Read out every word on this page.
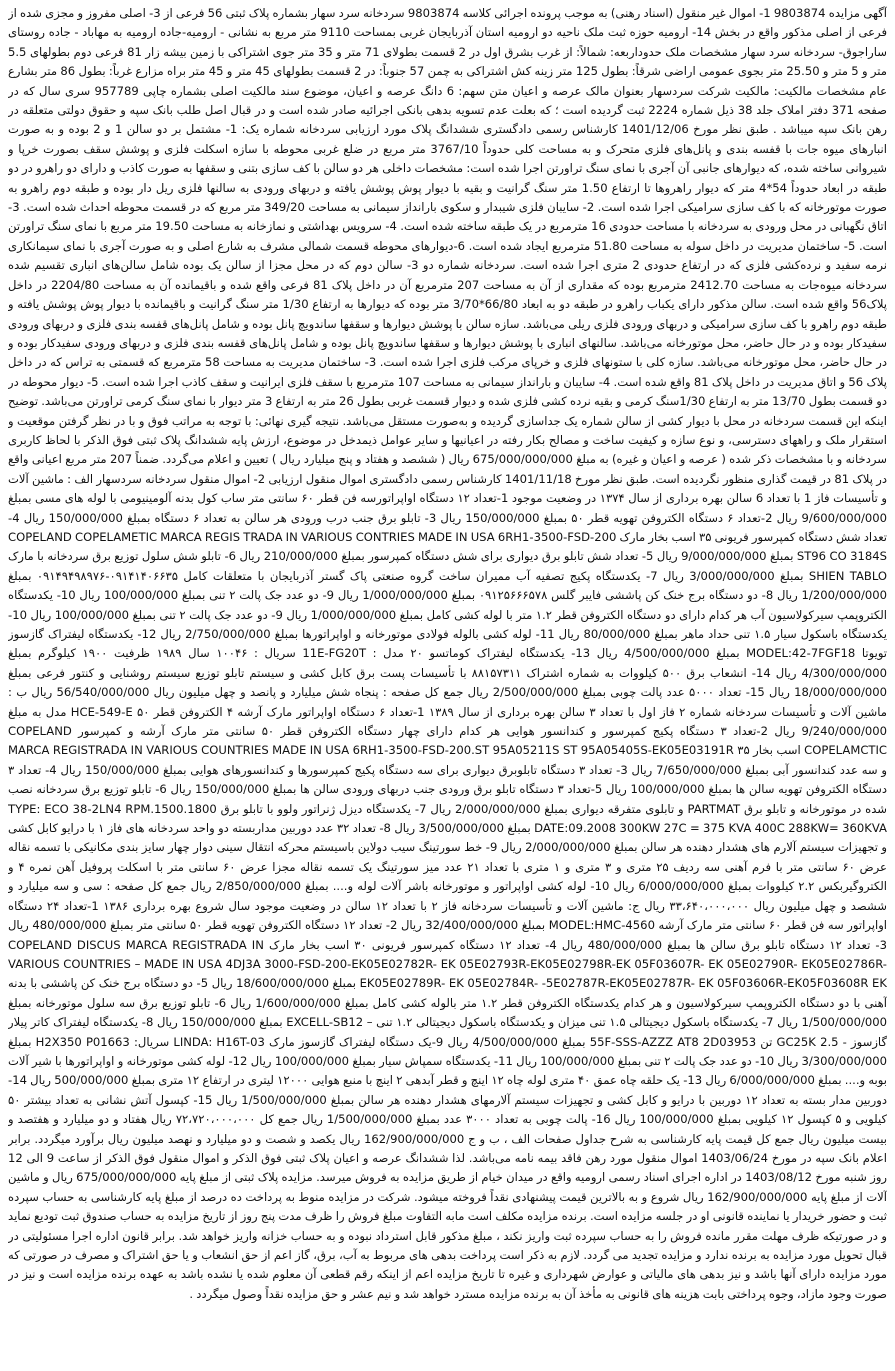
آگهی مزایده 9803874 1- اموال غیر منقول (اسناد رهنی) به موجب پرونده اجرائی کلاسه 9803874 سردخانه سرد سهار بشماره پلاک ثبتی 56 فرعی از 3- اصلی مفروز و مجزی شده از فرعی از اصلی مذکور واقع در بخش 14- ارومیه حوزه ثبت ملک ناحیه دو ارومیه استان آذربایجان غربی بمساحت 9110 متر مربع به نشانی - ارومیه-جاده ارومیه به مهاباد - جاده روستای ساراجوق- سردخانه سرد سهار مشخصات ملک حدوداربعه: شمالاً: از غرب بشرق اول در 2 قسمت بطولای 71 متر و 35 متر جوی اشتراکی با زمین بیشه زار 81 فرعی دوم بطولهای 5.5 متر و 5 متر و 25.50 متر بجوی عمومی اراضی شرقاً: بطول 125 متر زینه کش اشتراکی به چمن 57 جنوباً: در 2 قسمت بطولهای 45 متر و 45 متر براه مزارع غرباً: بطول 86 متر بشارع عام مشخصات مالکیت: مالکیت شرکت سردسهار بعنوان مالک عرصه و اعیان متن سهم: 6 دانگ عرصه و اعیان، موضوع سند مالکیت اصلی بشماره چاپی 957789 سری سال که در صفحه 371 دفتر املاک جلد 38 ذیل شماره 2224 ثبت گردیده است ؛ که بعلت عدم تسویه بدهی بانکی اجرائیه صادر شده است و در قبال اصل طلب بانک سپه و حقوق دولتی متعلقه در رهن بانک سپه میباشد . طبق نظر مورخ 1401/12/06 کارشناس رسمی دادگستری ششدانگ پلاک مورد ارزیابی سردخانه شماره یک: 1- مشتمل بر دو سالن 1 و 2 بوده و به صورت انبارهای میوه جات با قفسه بندی و پانل‌های فلزی متحرک و به مساحت کلی حدوداً 3767/10 متر مربع در ضلع غربی محوطه با سازه اسکلت فلزی و پوشش سقف بصورت خرپا و شیروانی ساخته شده، که دیوارهای جانبی آن آجری با نمای سنگ تراورتن اجرا شده است: مشخصات داخلی هر دو سالن با کف سازی بتنی و سقفها به صورت کاذب و دارای دو راهرو در دو طبقه در ابعاد حدوداً 54*4 متر که دیوار راهروها تا ارتفاع 1.50 متر سنگ گرانیت و بقیه با دیوار پوش پوشش یافته و دربهای ورودی به سالنها فلزی ریل دار بوده و طبقه دوم راهرو به صورت موتورخانه که با کف سازی سرامیکی اجرا شده است. 2- سایبان فلزی شیبدار و سکوی بارانداز سیمانی به مساحت 349/20 متر مربع که در قسمت محوطه احداث شده است. 3- اتاق نگهبانی در محل ورودی به سردخانه با مساحت حدودی 16 مترمربع در یک طبقه ساخته شده است. 4- سرویس بهداشتی و نمازخانه به مساحت 19.50 متر مربع با نمای سنگ تراورتن است. 5- ساختمان مدیریت در داخل سوله به مساحت 51.80 مترمربع ایجاد شده است. 6-دیوارهای محوطه قسمت شمالی مشرف به شارع اصلی و به صورت آجری با نمای سیمانکاری نرمه سفید و نرده‌کشی فلزی که در ارتفاع حدودی 2 متری اجرا شده است. سردخانه شماره دو 3- سالن دوم که در محل مجزا از سالن یک بوده شامل سالن‌های انباری تقسیم شده سردخانه میوه‌جات به مساحت 2412.70 مترمربع بوده که مقداری از آن به مساحت 207 مترمربع آن در داخل پلاک 81 فرعی واقع شده و باقیمانده آن به مساحت 2204/80 در داخل پلاک56 واقع شده است. سالن مذکور دارای یکباب راهرو در طبقه دو به ابعاد 66/80*3/70 متر بوده که دیوارها به ارتفاع 1/30 متر سنگ گرانیت و باقیمانده با دیوار پوش پوشش یافته و طبقه دوم راهرو با کف سازی سرامیکی و دربهای ورودی فلزی ریلی می‌باشد. سازه سالن با پوشش دیوارها و سقفها ساندویچ پانل بوده و شامل پانل‌های قفسه بندی فلزی و دربهای ورودی سفیدکار بوده و در حال حاضر، محل موتورخانه می‌باشد. سالنهای انباری با پوشش دیوارها و سقفها ساندویچ پانل بوده و شامل پانل‌های قفسه بندی فلزی و دربهای ورودی سفیدکار بوده و در حال حاضر، محل موتورخانه می‌باشد. سازه کلی با ستونهای فلزی و خرپای مرکب فلزی اجرا شده است. 3- ساختمان مدیریت به مساحت 58 مترمربع که قسمتی به تراس که در داخل پلاک 56 و اتاق مدیریت در داخل پلاک 81 واقع شده است. 4- سایبان و بارانداز سیمانی به مساحت 107 مترمربع با سقف فلزی ایرانیت و سقف کاذب اجرا شده است. 5- دیوار محوطه در دو قسمت بطول 13/70 متر به ارتفاع 1/30سنگ کرمی و بقیه نرده کشی فلزی شده و دیوار قسمت غربی بطول 26 متر به ارتفاع 3 متر دیوار با نمای سنگ کرمی تراورتن می‌باشد. توضیح اینکه این قسمت سردخانه در محل با دیوار کشی از سالن شماره یک جداسازی گردیده و به‌صورت مستقل می‌باشد. نتیجه گیری نهائی: با توجه به مراتب فوق و با در نظر گرفتن موقعیت و استقرار ملک و راههای دسترسی، و نوع سازه و کیفیت ساخت و مصالح بکار رفته در اعیانیها و سایر عوامل ذیمدخل در موضوع، ارزش پایه ششدانگ پلاک ثبتی فوق الذکر با لحاظ کاربری سردخانه و با مشخصات ذکر شده ( عرصه و اعیان و غیره) به مبلغ 675/000/000/000 ریال ( ششصد و هفتاد و پنج میلیارد ریال ) تعیین و اعلام می‌گردد. ضمناً 207 متر مربع اعیانی واقع در پلاک 81 در قیمت گذاری منظور نگردیده است. طبق نظر مورخ 1401/11/18 کارشناس رسمی دادگستری اموال منقول ارزیابی 2- اموال منقول سردخانه سردسهار الف : ماشین آلات و تأسیسات فاز 1 با تعداد 6 سالن بهره برداری از سال ۱۳۷۴ در وضعیت موجود 1-تعداد ۱۲ دستگاه اواپراتورسه فن قطر ۶۰ سانتی متر ساب کول بدنه آلومینیومی با لوله های مسی بمبلغ 9/600/000/000 ریال 2-تعداد ۶ دستگاه الکتروفن تهویه قطر ۵۰ بمبلغ 150/000/000 ریال 3- تابلو برق جنب درب ورودی هر سالن به تعداد ۶ دستگاه بمبلغ 150/000/000 ریال 4- تعداد شش دستگاه کمپرسور فریونی ۳۵ اسب بخار مارک COPELAND COPELAMETIC MARCA REGIS TRADA IN VARIOUS CONTRIES MADE IN USA 6RH1-3500-FSD-200 ST96 CO 3184S بمبلغ 9/000/000/000 ریال 5- تعداد شش تابلو برق دیواری برای شش دستگاه کمپرسور بمبلغ 210/000/000 ریال 6- تابلو شش سلول توزیع برق سردخانه با مارک SHIEN TABLO بمبلغ 3/000/000/000 ریال 7- یکدستگاه پکیج تصفیه آب ممیران ساخت گروه صنعتی پاک گستر آذربایجان با متعلقات کامل ۰۹۱۴۱۴۰۶۶۳۵-۰۹۱۴۹۴۹۸۹۷۶ بمبلغ 1/200/000/000 ریال 8- دو دستگاه برج خنک کن پاششی فایبر گلس ۰۹۱۲۵۶۶۶۵۷۸ بمبلغ 1/000/000/000 ریال 9- دو عدد جک پالت ۲ تنی بمبلغ 100/000/000 ریال 10- یکدستگاه الکتروپمپ سیرکولاسیون آب هر کدام دارای دو دستگاه الکتروفن قطر ۱.۲ متر با لوله کشی کامل بمبلغ 1/000/000/000 ریال 9- دو عدد جک پالت ۲ تنی بمبلغ 100/000/000 ریال 10- یکدستگاه باسکول سیار ۱.۵ تنی حداد ماهر بمبلغ 80/000/000 ریال 11- لوله کشی بالوله فولادی موتورخانه و اواپراتورها بمبلغ 2/750/000/000 ریال 12- یکدستگاه لیفتراک گازسوز تویوتا MODEL:42-7FGF18 بمبلغ 4/500/000/000 ریال 13- یکدستگاه لیفتراک کوماتسو ۲۰ مدل : 11E-FG20T سریال : ۱۰۰۴۶ سال ۱۹۸۹ ظرفیت ۱۹۰۰ کیلوگرم بمبلغ 4/300/000/000 ریال 14- انشعاب برق ۵۰۰ کیلووات به شماره اشتراک ۸۸۱۵۷۳۱۱ با تأسیسات پست برق کابل کشی و سیستم تابلو توزیع سیستم روشنایی و کنتور فرعی بمبلغ 18/000/000/000 ریال 15- تعداد ۵۰۰۰ عدد پالت چوبی بمبلغ 2/500/000/000 ریال جمع کل صفحه : پنجاه شش میلیارد و پانصد و چهل میلیون ریال 56/540/000/000 ریال ب : ماشین آلات و تأسیسات سردخانه شماره ۲ فاز اول با تعداد ۳ سالن بهره برداری از سال ۱۳۸۹ 1-تعداد ۶ دستگاه اواپراتور مارک آرشه ۴ الکتروفن قطر ۵۰ HCE-549-E مدل به مبلغ 9/240/000/000 ریال 2-تعداد ۳ دستگاه پکیج کمپرسور و کندانسور هوایی هر کدام دارای چهار دستگاه الکتروفن قطر ۵۰ سانتی متر مارک آرشه و کمپرسور COPELAND COPELAMCTIC اسب بخار ۳۵ MARCA REGISTRADA IN VARIOUS COUNTRIES MADE IN USA 6RH1-3500-FSD-200.ST 95A05211S ST 95A05405S-EK05E03191R و سه عدد کندانسور آبی بمبلغ 7/650/000/000 ریال 3- تعداد ۳ دستگاه تابلوبرق دیواری برای سه دستگاه پکیج کمپرسورها و کندانسورهای هوایی بمبلغ 150/000/000 ریال 4- تعداد ۳ دستگاه الکتروفن تهویه سالن ها بمبلغ 100/000/000 ریال 5-تعداد ۳ دستگاه تابلو برق ورودی جنب دربهای ورودی سالن ها بمبلغ 150/000/000 ریال 6- تابلو توزیع برق سردخانه نصب شده در موتورخانه و تابلو برق PARTMAT و تابلوی متفرقه دیواری بمبلغ 2/000/000/000 ریال 7- یکدستگاه دیزل ژنراتور ولوو با تابلو برق TYPE: ECO 38-2LN4 RPM.1500.1800 DATE:09.2008 300KW 27C = 375 KVA 400C 288KW= 360KVA بمبلغ 3/500/000/000 ریال 8- تعداد ۳۲ عدد دوربین مداربسته دو واحد سردخانه های فاز ۱ با درایو کابل کشی و تجهیزات سیستم آلارم های هشدار دهنده هر سالن بمبلغ 2/000/000/000 ریال 9- خط سورتینگ سیب دولاین باسیستم محرکه انتقال سینی دوار چهار سایز بندی مکانیکی با تسمه نقاله عرض ۶۰ سانتی متر با فرم آهنی سه ردیف ۲۵ متری و ۳ متری و ۱ متری با تعداد ۲۱ عدد میز سورتینگ یک تسمه نقاله مجزا عرض ۶۰ سانتی متر با اسکلت پروفیل آهن نمره ۴ و الکتروگیربکس ۲.۲ کیلووات بمبلغ 6/000/000/000 ریال 10- لوله کشی اواپراتور و موتورخانه باشر آلات لوله و.... بمبلغ 2/850/000/000 ریال جمع کل صفحه : سی و سه میلیارد و ششصد و چهل میلیون ریال ۳۳،۶۴۰،۰۰۰،۰۰۰ ریال ج: ماشین آلات و تأسیسات سردخانه فاز ۲ با تعداد ۱۲ سالن در وضعیت موجود سال شروع بهره برداری ۱۳۸۶ 1-تعداد ۲۴ دستگاه اواپراتور سه فن قطر ۶۰ سانتی متر مارک آرشه MODEL:HMC-4560 بمبلغ 32/400/000/000 ریال 2- تعداد ۱۲ دستگاه الکتروفن تهویه قطر ۵۰ سانتی متر بمبلغ 480/000/000 ریال 3- تعداد ۱۲ دستگاه تابلو برق سالن ها بمبلغ 480/000/000 ریال 4- تعداد ۱۲ دستگاه کمپرسور فریونی ۳۰ اسب بخار مارک COPELAND DISCUS MARCA REGISTRADA IN VARIOUS COUNTRIES – MADE IN USA 4DJ3A 3000-FSD-200-EK05E02782R- EK 05E02793R-EK05E02798R-EK 05F03607R- EK 05E02790R- EK05E02786R-EK05E02789R- EK 05E02784R- -5E02787R-EK05E02787R- EK 05F03606R-EK05F03608R EK بمبلغ 18/600/000/000 ریال 5- دو دستگاه برج خنک کن پاششی با بدنه آهنی با دو دستگاه الکتروپمپ سیرکولاسیون و هر کدام یکدستگاه الکتروفن قطر ۱.۲ متر بالوله کشی کامل بمبلغ 1/600/000/000 ریال 6- تابلو توزیع برق سه سلول موتورخانه بمبلغ 1/500/000/000 ریال 7- یکدستگاه باسکول دیجیتالی ۱.۵ تنی میزان و یکدستگاه باسکول دیجیتالی ۱.۲ تنی – EXCELL-SB12 بمبلغ 150/000/000 ریال 8- یکدستگاه لیفتراک کاتر پیلار گازسوز - GC25K 2.5 تن 55F-SSS-AZZZ AT8 2D03953 بمبلغ 4/500/000/000 ریال 9-یک دستگاه لیفتراک گازسوز مارک LINDA: H16T-03 سریال: H2X350 P01663 بمبلغ 3/300/000/000 ریال 10- دو عدد جک پالت ۲ تنی بمبلغ 100/000/000 ریال 11- یکدستگاه سمپاش سیار بمبلغ 100/000/000 ریال 12- لوله کشی موتورخانه و اواپراتورها با شیر آلات بوبه و.... بمبلغ 6/000/000/000 ریال 13- یک حلقه چاه عمق ۴۰ متری لوله چاه ۱۲ اینچ و قطر آبدهی ۲ اینچ با منبع هوایی ۱۲۰۰۰ لیتری در ارتفاع ۱۲ متری بمبلغ 500/000/000 ریال 14- دوربین مدار بسته به تعداد ۱۲ دوربین با درایو و کابل کشی و تجهیزات سیستم آلارمهای هشدار دهنده هر سالن بمبلغ 1/500/000/000 ریال 15- کپسول آتش نشانی به تعداد بیشتر ۵۰ کیلویی و ۵ کپسول ۱۲ کیلویی بمبلغ 100/000/000 ریال 16- پالت چوبی به تعداد ۳۰۰۰ عدد بمبلغ 1/500/000/000 ریال جمع کل ۷۲،۷۲۰،۰۰۰،۰۰۰ ریال هفتاد و دو میلیارد و هفتصد و بیست میلیون ریال جمع کل قیمت پایه کارشناسی به شرح جداول صفحات الف ، ب و ج 162/900/000/000 ریال یکصد و شصت و دو میلیارد و نهصد میلیون ریال برآورد میگردد. برابر اعلام بانک سپه در مورخ 1403/06/24 اموال منقول مورد رهن فاقد بیمه نامه می‌باشد. لذا ششدانگ عرصه و اعیان پلاک ثبتی فوق الذکر و اموال منقول فوق الذکر از ساعت 9 الی 12 روز شنبه مورخ 1403/08/12 در اداره اجرای اسناد رسمی ارومیه واقع در میدان خیام از طریق مزایده به فروش میرسد. مزایده پلاک ثبتی از مبلغ پایه 675/000/000/000 ریال و ماشین آلات از مبلغ پایه 162/900/000/000 ریال شروع و به بالاترین قیمت پیشنهادی نقداً فروخته میشود. شرکت در مزایده منوط به پرداخت ده درصد از مبلغ پایه کارشناسی به حساب سپرده ثبت و حضور خریدار یا نماینده قانونی او در جلسه مزایده است. برنده مزایده مکلف است مابه التفاوت مبلغ فروش را ظرف مدت پنج روز از تاریخ مزایده به حساب صندوق ثبت تودیع نماید و در صورتیکه ظرف مهلت مقرر مانده فروش را به حساب سپرده ثبت واریز نکند ، مبلغ مذکور قابل استرداد نبوده و به حساب خزانه واریز خواهد شد. برابر قانون اداره اجرا مسئولیتی در قبال تحویل مورد مزایده به برنده ندارد و مزایده تجدید می گردد. لازم به ذکر است پرداخت بدهی های مربوط به آب، برق، گاز اعم از حق انشعاب و یا حق اشتراک و مصرف در صورتی که مورد مزایده دارای آنها باشد و نیز بدهی های مالیاتی و عوارض شهرداری و غیره تا تاریخ مزایده اعم از اینکه رقم قطعی آن معلوم شده یا نشده باشد به عهده برنده مزایده است و نیز در صورت وجود مازاد، وجوه پرداختی بابت هزینه های قانونی به مأخذ آن به برنده مزایده مسترد خواهد شد و نیم عشر و حق مزایده نقداً وصول میگردد .
